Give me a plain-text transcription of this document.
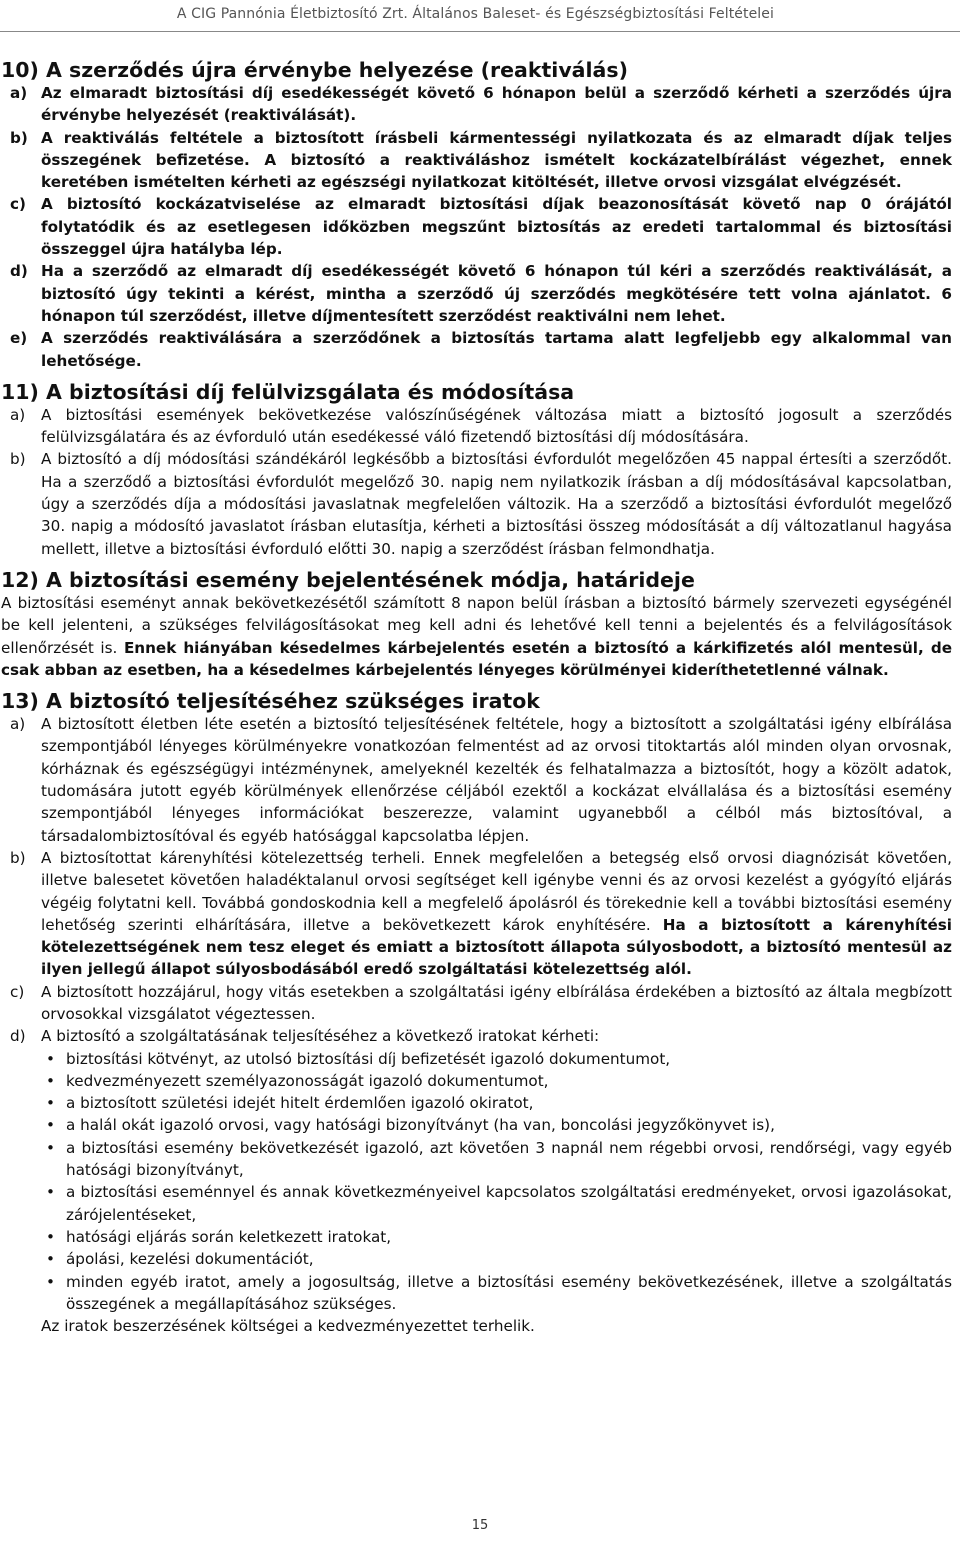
A CIG Pannónia Életbiztosító Zrt. Általános Baleset- és Egészségbiztosítási Feltételei
10) A szerződés újra érvénybe helyezése (reaktiválás)
a) Az elmaradt biztosítási díj esedékességét követő 6 hónapon belül a szerződő kérheti a szerződés újra érvénybe helyezését (reaktiválását).
b) A reaktiválás feltétele a biztosított írásbeli kármentességi nyilatkozata és az elmaradt díjak teljes összegének befizetése. A biztosító a reaktiváláshoz ismételt kockázatelbírálást végezhet, ennek keretében ismételten kérheti az egészségi nyilatkozat kitöltését, illetve orvosi vizsgálat elvégzését.
c) A biztosító kockázatviselése az elmaradt biztosítási díjak beazonosítását követő nap 0 órájától folytatódik és az esetlegesen időközben megszűnt biztosítás az eredeti tartalommal és biztosítási összeggel újra hatályba lép.
d) Ha a szerződő az elmaradt díj esedékességét követő 6 hónapon túl kéri a szerződés reaktiválását, a biztosító úgy tekinti a kérést, mintha a szerződő új szerződés megkötésére tett volna ajánlatot. 6 hónapon túl szerződést, illetve díjmentesített szerződést reaktiválni nem lehet.
e) A szerződés reaktiválására a szerződőnek a biztosítás tartama alatt legfeljebb egy alkalommal van lehetősége.
11) A biztosítási díj felülvizsgálata és módosítása
a) A biztosítási események bekövetkezése valószínűségének változása miatt a biztosító jogosult a szerződés felülvizsgálatára és az évforduló után esedékessé váló fizetendő biztosítási díj módosítására.
b) A biztosító a díj módosítási szándékáról legkésőbb a biztosítási évfordulót megelőzően 45 nappal értesíti a szerződőt. Ha a szerződő a biztosítási évfordulót megelőző 30. napig nem nyilatkozik írásban a díj módosításával kapcsolatban, úgy a szerződés díja a módosítási javaslatnak megfelelően változik. Ha a szerződő a biztosítási évfordulót megelőző 30. napig a módosító javaslatot írásban elutasítja, kérheti a biztosítási összeg módosítását a díj változatlanul hagyása mellett, illetve a biztosítási évforduló előtti 30. napig a szerződést írásban felmondhatja.
12) A biztosítási esemény bejelentésének módja, határideje
A biztosítási eseményt annak bekövetkezésétől számított 8 napon belül írásban a biztosító bármely szervezeti egységénél be kell jelenteni, a szükséges felvilágosításokat meg kell adni és lehetővé kell tenni a bejelentés és a felvilágosítások ellenőrzését is. Ennek hiányában késedelmes kárbejelentés esetén a biztosító a kárkifizetés alól mentesül, de csak abban az esetben, ha a késedelmes kárbejelentés lényeges körülményei kideríthetetlenné válnak.
13) A biztosító teljesítéséhez szükséges iratok
a) A biztosított életben léte esetén a biztosító teljesítésének feltétele, hogy a biztosított a szolgáltatási igény elbírálása szempontjából lényeges körülményekre vonatkozóan felmentést ad az orvosi titoktartás alól minden olyan orvosnak, kórháznak és egészségügyi intézménynek, amelyeknél kezelték és felhatalmazza a biztosítót, hogy a közölt adatok, tudomására jutott egyéb körülmények ellenőrzése céljából ezektől a kockázat elvállalása és a biztosítási esemény szempontjából lényeges információkat beszerezze, valamint ugyanebből a célból más biztosítóval, a társadalombiztosítóval és egyéb hatósággal kapcsolatba lépjen.
b) A biztosítottat kárenyhítési kötelezettség terheli. Ennek megfelelően a betegség első orvosi diagnózisát követően, illetve balesetet követően haladéktalanul orvosi segítséget kell igénybe venni és az orvosi kezelést a gyógyító eljárás végéig folytatni kell. Továbbá gondoskodnia kell a megfelelő ápolásról és törekednie kell a további biztosítási esemény lehetőség szerinti elhárítására, illetve a bekövetkezett károk enyhítésére. Ha a biztosított a kárenyhítési kötelezettségének nem tesz eleget és emiatt a biztosított állapota súlyosbodott, a biztosító mentesül az ilyen jellegű állapot súlyosbodásából eredő szolgáltatási kötelezettség alól.
c) A biztosított hozzájárul, hogy vitás esetekben a szolgáltatási igény elbírálása érdekében a biztosító az általa megbízott orvosokkal vizsgálatot végeztessen.
d) A biztosító a szolgáltatásának teljesítéséhez a következő iratokat kérheti:
• biztosítási kötvényt, az utolsó biztosítási díj befizetését igazoló dokumentumot,
• kedvezményezett személyazonosságát igazoló dokumentumot,
• a biztosított születési idejét hitelt érdemlően igazoló okiratot,
• a halál okát igazoló orvosi, vagy hatósági bizonyítványt (ha van, boncolási jegyzőkönyvet is),
• a biztosítási esemény bekövetkezését igazoló, azt követően 3 napnál nem régebbi orvosi, rendőrségi, vagy egyéb hatósági bizonyítványt,
• a biztosítási eseménnyel és annak következményeivel kapcsolatos szolgáltatási eredményeket, orvosi igazolásokat, zárójelentéseket,
• hatósági eljárás során keletkezett iratokat,
• ápolási, kezelési dokumentációt,
• minden egyéb iratot, amely a jogosultság, illetve a biztosítási esemény bekövetkezésének, illetve a szolgáltatás összegének a megállapításához szükséges.
Az iratok beszerzésének költségei a kedvezményezettet terhelik.
15
